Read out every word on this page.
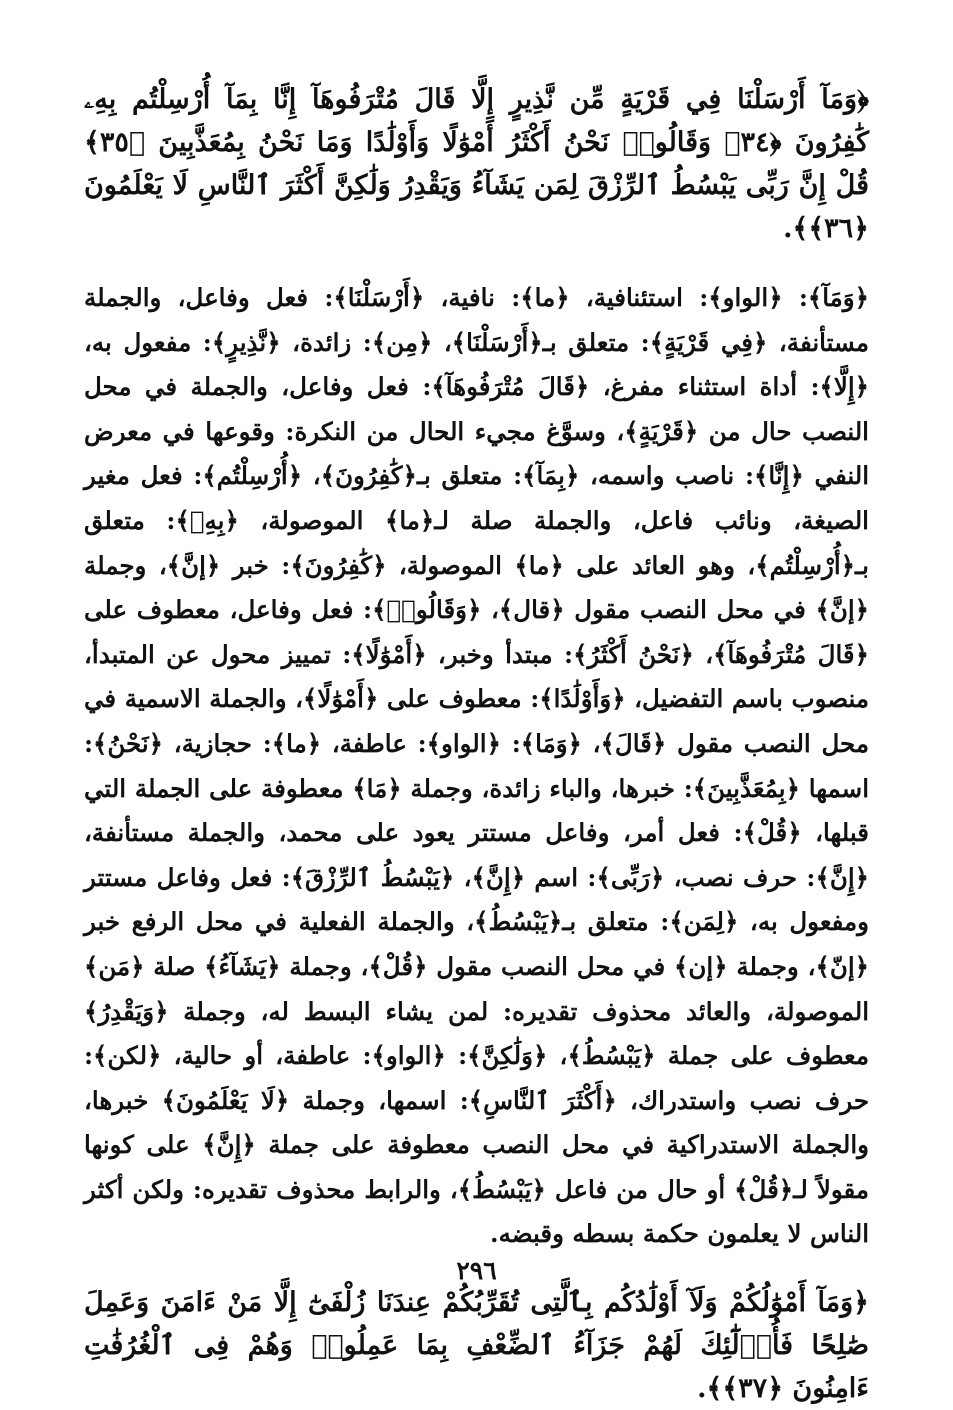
﴿وَمَآ أَرْسَلْنَا فِي قَرْيَةٍ مِّن نَّذِيرٍ إِلَّا قَالَ مُتْرَفُوهَآ إِنَّا بِمَآ أُرْسِلْتُم بِهِۦ كَٰفِرُونَ ﴿٣٤﴾ وَقَالُوا۟ نَحْنُ أَكْثَرُ أَمْوَٰلًا وَأَوْلَٰدًا وَمَا نَحْنُ بِمُعَذَّبِينَ ﴿٣٥﴾ قُلْ إِنَّ رَبِّى يَبْسُطُ ٱلرِّزْقَ لِمَن يَشَآءُ وَيَقْدِرُ وَلَٰكِنَّ أَكْثَرَ ٱلنَّاسِ لَا يَعْلَمُونَ ﴿٣٦﴾﴾.

﴿وَمَآ﴾: ﴿الواو﴾: استئنافية، ﴿ما﴾: نافية، ﴿أَرْسَلْنَا﴾: فعل وفاعل، والجملة مستأنفة، ﴿فِي قَرْيَةٍ﴾: متعلق بـ﴿أَرْسَلْنَا﴾، ﴿مِن﴾: زائدة، ﴿نَّذِيرٍ﴾: مفعول به، ﴿إِلَّا﴾: أداة استثناء مفرغ، ﴿قَالَ مُتْرَفُوهَآ﴾: فعل وفاعل، والجملة في محل النصب حال من ﴿قَرْيَةٍ﴾، وسوَّغ مجيء الحال من النكرة: وقوعها في معرض النفي ﴿إِنَّا﴾: ناصب واسمه، ﴿بِمَآ﴾: متعلق بـ﴿كَٰفِرُونَ﴾، ﴿أُرْسِلْتُم﴾: فعل مغير الصيغة، ونائب فاعل، والجملة صلة لـ﴿ما﴾ الموصولة، ﴿بِهِۦ﴾: متعلق بـ﴿أُرْسِلْتُم﴾، وهو العائد على ﴿ما﴾ الموصولة، ﴿كَٰفِرُونَ﴾: خبر ﴿إنَّ﴾، وجملة ﴿إنَّ﴾ في محل النصب مقول ﴿قال﴾، ﴿وَقَالُوا۟﴾: فعل وفاعل، معطوف على ﴿قَالَ مُتْرَفُوهَآ﴾، ﴿نَحْنُ أَكْثَرُ﴾: مبتدأ وخبر، ﴿أَمْوَٰلًا﴾: تمييز محول عن المتبدأ، منصوب باسم التفضيل، ﴿وَأَوْلَٰدًا﴾: معطوف على ﴿أَمْوَٰلًا﴾، والجملة الاسمية في محل النصب مقول ﴿قَالَ﴾، ﴿وَمَا﴾: ﴿الواو﴾: عاطفة، ﴿ما﴾: حجازية، ﴿نَحْنُ﴾: اسمها ﴿بِمُعَذَّبِينَ﴾: خبرها، والباء زائدة، وجملة ﴿مَا﴾ معطوفة على الجملة التي قبلها، ﴿قُلْ﴾: فعل أمر، وفاعل مستتر يعود على محمد، والجملة مستأنفة، ﴿إِنَّ﴾: حرف نصب، ﴿رَبِّى﴾: اسم ﴿إِنَّ﴾، ﴿يَبْسُطُ ٱلرِّزْقَ﴾: فعل وفاعل مستتر ومفعول به، ﴿لِمَن﴾: متعلق بـ﴿يَبْسُطُ﴾، والجملة الفعلية في محل الرفع خبر ﴿إنّ﴾، وجملة ﴿إن﴾ في محل النصب مقول ﴿قُلْ﴾، وجملة ﴿يَشَآءُ﴾ صلة ﴿مَن﴾ الموصولة، والعائد محذوف تقديره: لمن يشاء البسط له، وجملة ﴿وَيَقْدِرُ﴾ معطوف على جملة ﴿يَبْسُطُ﴾، ﴿وَلَٰكِنَّ﴾: ﴿الواو﴾: عاطفة، أو حالية، ﴿لكن﴾: حرف نصب واستدراك، ﴿أَكْثَرَ ٱلنَّاسِ﴾: اسمها، وجملة ﴿لَا يَعْلَمُونَ﴾ خبرها، والجملة الاستدراكية في محل النصب معطوفة على جملة ﴿إِنَّ﴾ على كونها مقولاً لـ﴿قُلْ﴾ أو حال من فاعل ﴿يَبْسُطُ﴾، والرابط محذوف تقديره: ولكن أكثر الناس لا يعلمون حكمة بسطه وقبضه.

﴿وَمَآ أَمْوَٰلُكُمْ وَلَآ أَوْلَٰدُكُم بِٱلَّتِى تُقَرِّبُكُمْ عِندَنَا زُلْفَىٰٓ إِلَّا مَنْ ءَامَنَ وَعَمِلَ صَٰلِحًا فَأُو۟لَٰٓئِكَ لَهُمْ جَزَآءُ ٱلضِّعْفِ بِمَا عَمِلُوا۟ وَهُمْ فِى ٱلْغُرُفَٰتِ ءَامِنُونَ ﴿٣٧﴾﴾.

٢٩٦
